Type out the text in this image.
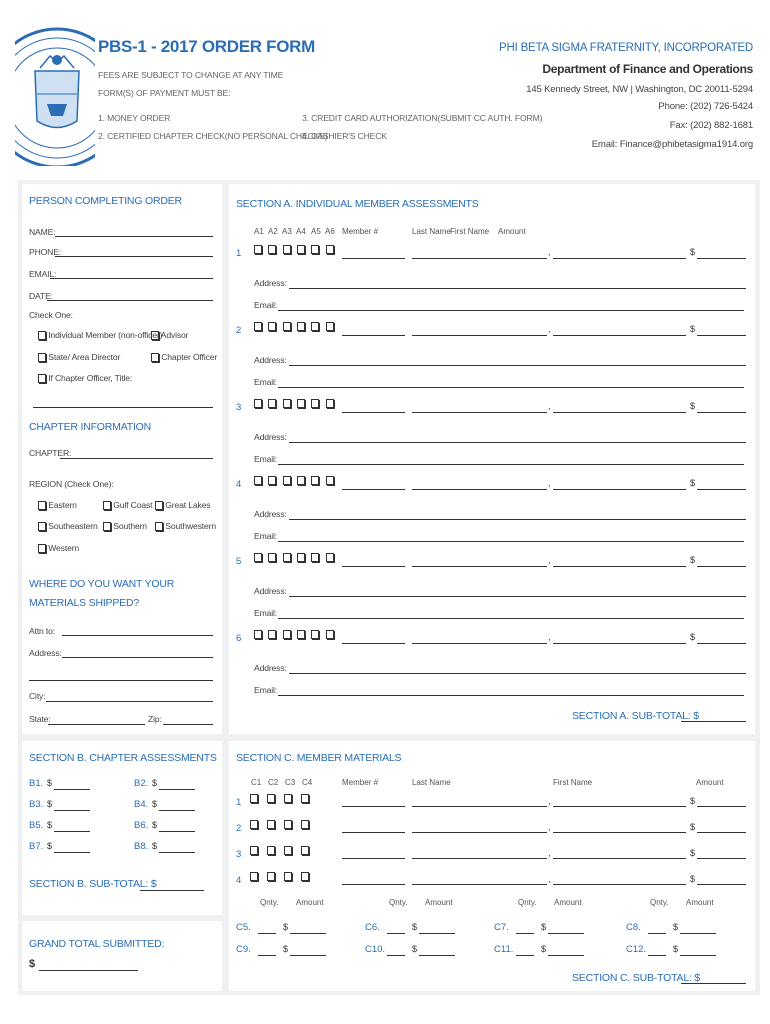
PBS-1 - 2017 ORDER FORM
FEES ARE SUBJECT TO CHANGE AT ANY TIME
FORM(S) OF PAYMENT MUST BE:
1. MONEY ORDER
2. CERTIFIED CHAPTER CHECK(NO PERSONAL CHECKS)
3. CREDIT CARD AUTHORIZATION(SUBMIT CC AUTH. FORM)
4. CASHIER'S CHECK
PHI BETA SIGMA FRATERNITY, INCORPORATED
Department of Finance and Operations
145 Kennedy Street, NW | Washington, DC 20011-5294
Phone: (202) 726-5424
Fax: (202) 882-1681
Email: Finance@phibetasigma1914.org
PERSON COMPLETING ORDER
NAME:
PHONE:
EMAIL:
DATE:
Check One:
Individual Member (non-officer)
Advisor
State/ Area Director	Chapter Officer
If Chapter Officer, Title:
CHAPTER INFORMATION
CHAPTER:
REGION (Check One):
Eastern	Gulf Coast	Great Lakes
Southeastern	Southern	Southwestern
Western
WHERE DO YOU WANT YOUR
MATERIALS SHIPPED?
Attn to:
Address:
City:
State:	Zip:
SECTION A. INDIVIDUAL MEMBER ASSESSMENTS
A1 A2 A3 A4 A5 A6 Member #	Last Name First Name Amount
1	,	$
Address:
Email:
2	,	$
Address:
Email:
3	,	$
Address:
Email:
4	,	$
Address:
Email:
5	,	$
Address:
Email:
6	,	$
Address:
Email:
SECTION A. SUB-TOTAL: $
SECTION B. CHAPTER ASSESSMENTS
B1. $	B2. $
B3. $	B4. $
B5. $	B6. $
B7. $	B8. $
SECTION B. SUB-TOTAL: $
GRAND TOTAL SUBMITTED:
$
SECTION C. MEMBER MATERIALS
C1 C2 C3 C4	Member #	Last Name	First Name	Amount
1	,	$
2	,	$
3	,	$
4	,	$
Qnty. Amount	Qnty. Amount	Qnty. Amount	Qnty. Amount
C5.	$	C6.	$	C7.	$	C8.	$
C9.	$	C10.	$	C11.	$	C12.	$
SECTION C. SUB-TOTAL: $
